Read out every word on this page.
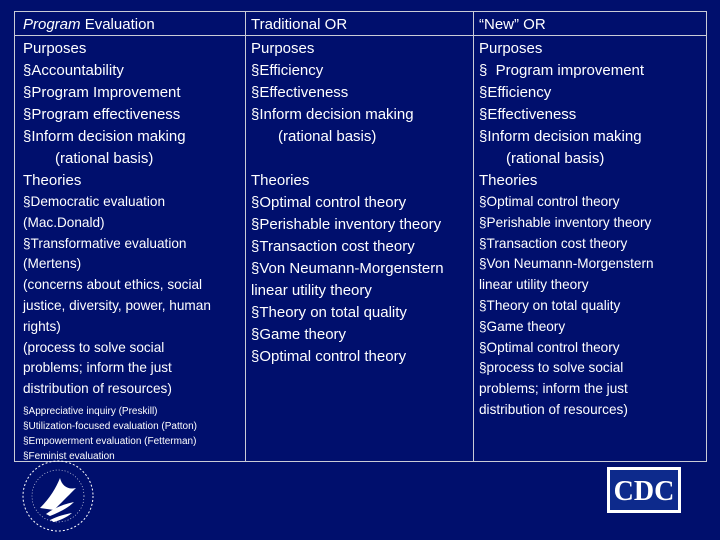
Program Evaluation	Traditional OR	“New” OR
Purposes
§Accountability
§Program Improvement
§Program effectiveness
§Inform decision making
(rational basis)
Theories
§Democratic evaluation
(Mac.Donald)
§Transformative evaluation
(Mertens)
(concerns about ethics, social
justice, diversity, power, human
rights)
(process to solve social
problems; inform the just
distribution of resources)
§Appreciative inquiry (Preskill)
§Utilization-focused evaluation (Patton)
§Empowerment evaluation (Fetterman)
§Feminist evaluation
Purposes
§Efficiency
§Effectiveness
§Inform decision making
(rational basis)
Theories
§Optimal control theory
§Perishable inventory theory
§Transaction cost theory
§Von Neumann-Morgenstern
linear utility theory
§Theory on total quality
§Game theory
§Optimal control theory
Purposes
§  Program improvement
§Efficiency
§Effectiveness
§Inform decision making
(rational basis)
Theories
§Optimal control theory
§Perishable inventory theory
§Transaction cost theory
§Von Neumann-Morgenstern
linear utility theory
§Theory on total quality
§Game theory
§Optimal control theory
§process to solve social
problems; inform the just
distribution of resources)
CDC
